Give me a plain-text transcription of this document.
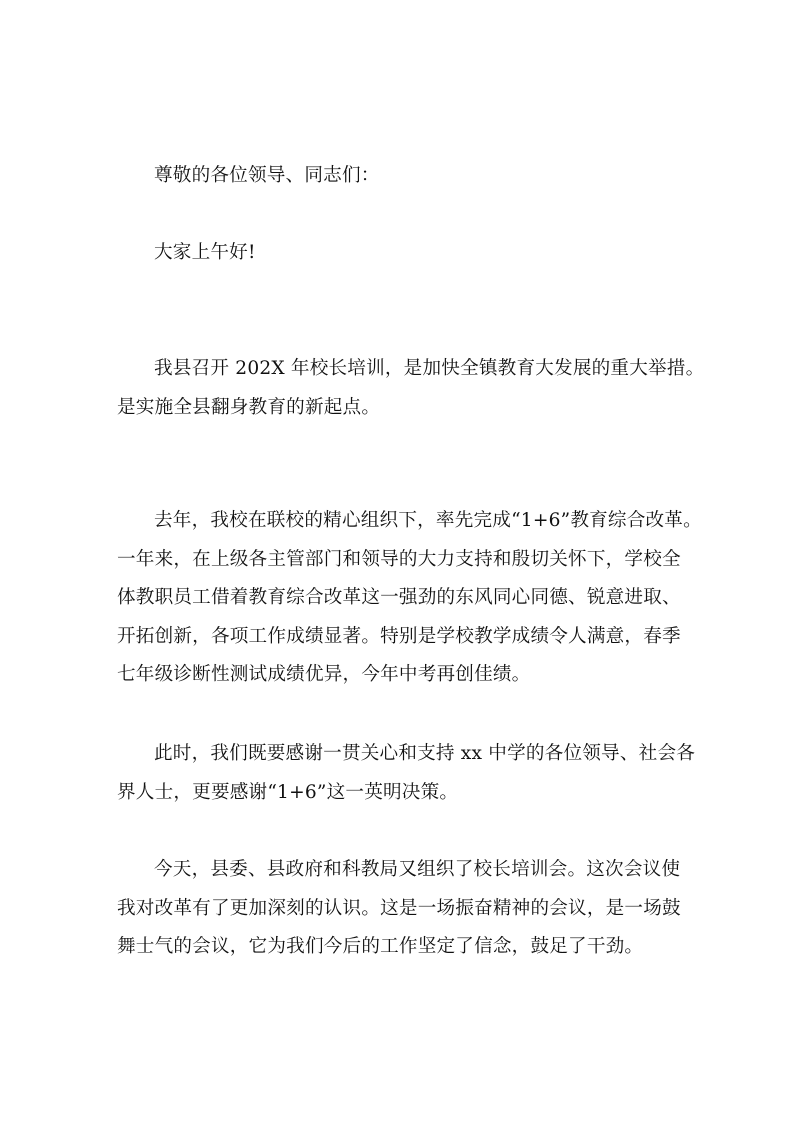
尊敬的各位领导、同志们：
大家上午好!
我县召开 202X 年校长培训，是加快全镇教育大发展的重大举措。
是实施全县翻身教育的新起点。
去年，我校在联校的精心组织下，率先完成“1+6”教育综合改革。
一年来，在上级各主管部门和领导的大力支持和殷切关怀下，学校全
体教职员工借着教育综合改革这一强劲的东风同心同德、锐意进取、
开拓创新，各项工作成绩显著。特别是学校教学成绩令人满意，春季
七年级诊断性测试成绩优异，今年中考再创佳绩。
此时，我们既要感谢一贯关心和支持 xx 中学的各位领导、社会各
界人士，更要感谢“1+6”这一英明决策。
今天，县委、县政府和科教局又组织了校长培训会。这次会议使
我对改革有了更加深刻的认识。这是一场振奋精神的会议，是一场鼓
舞士气的会议，它为我们今后的工作坚定了信念，鼓足了干劲。
